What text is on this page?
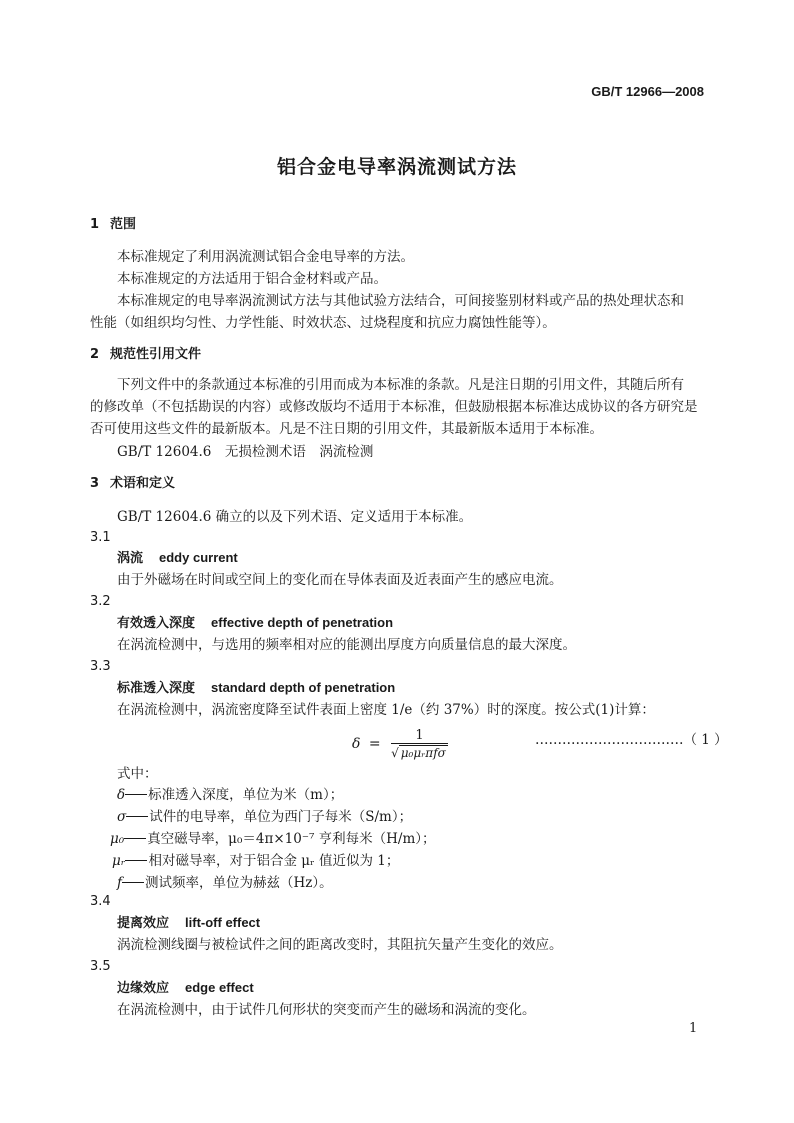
GB/T 12966—2008
铝合金电导率涡流测试方法
1 范围
本标准规定了利用涡流测试铝合金电导率的方法。
本标准规定的方法适用于铝合金材料或产品。
本标准规定的电导率涡流测试方法与其他试验方法结合，可间接鉴别材料或产品的热处理状态和
性能（如组织均匀性、力学性能、时效状态、过烧程度和抗应力腐蚀性能等）。
2 规范性引用文件
下列文件中的条款通过本标准的引用而成为本标准的条款。凡是注日期的引用文件，其随后所有
的修改单（不包括勘误的内容）或修改版均不适用于本标准，但鼓励根据本标准达成协议的各方研究是
否可使用这些文件的最新版本。凡是不注日期的引用文件，其最新版本适用于本标准。
GB/T 12604.6　无损检测术语　涡流检测
3 术语和定义
GB/T 12604.6 确立的以及下列术语、定义适用于本标准。
3.1
涡流 eddy current
由于外磁场在时间或空间上的变化而在导体表面及近表面产生的感应电流。
3.2
有效透入深度 effective depth of penetration
在涡流检测中，与选用的频率相对应的能测出厚度方向质量信息的最大深度。
3.3
标准透入深度 standard depth of penetration
在涡流检测中，涡流密度降至试件表面上密度 1/e（约 37%）时的深度。按公式(1)计算：
$\delta = \frac{1}{\text{√ μ₀μᵣπfσ}}$	……………………………（ 1 ）
式中：
δ 标准透入深度，单位为米（m）；
σ 试件的电导率，单位为西门子每米（S/m）；
μ₀ 真空磁导率，μ₀＝4π×10⁻⁷ 亨利每米（H/m）；
μᵣ 相对磁导率，对于铝合金 μᵣ 值近似为 1；
f 测试频率，单位为赫兹（Hz）。
3.4
提离效应 lift-off effect
涡流检测线圈与被检试件之间的距离改变时，其阻抗矢量产生变化的效应。
3.5
边缘效应 edge effect
在涡流检测中，由于试件几何形状的突变而产生的磁场和涡流的变化。
1
